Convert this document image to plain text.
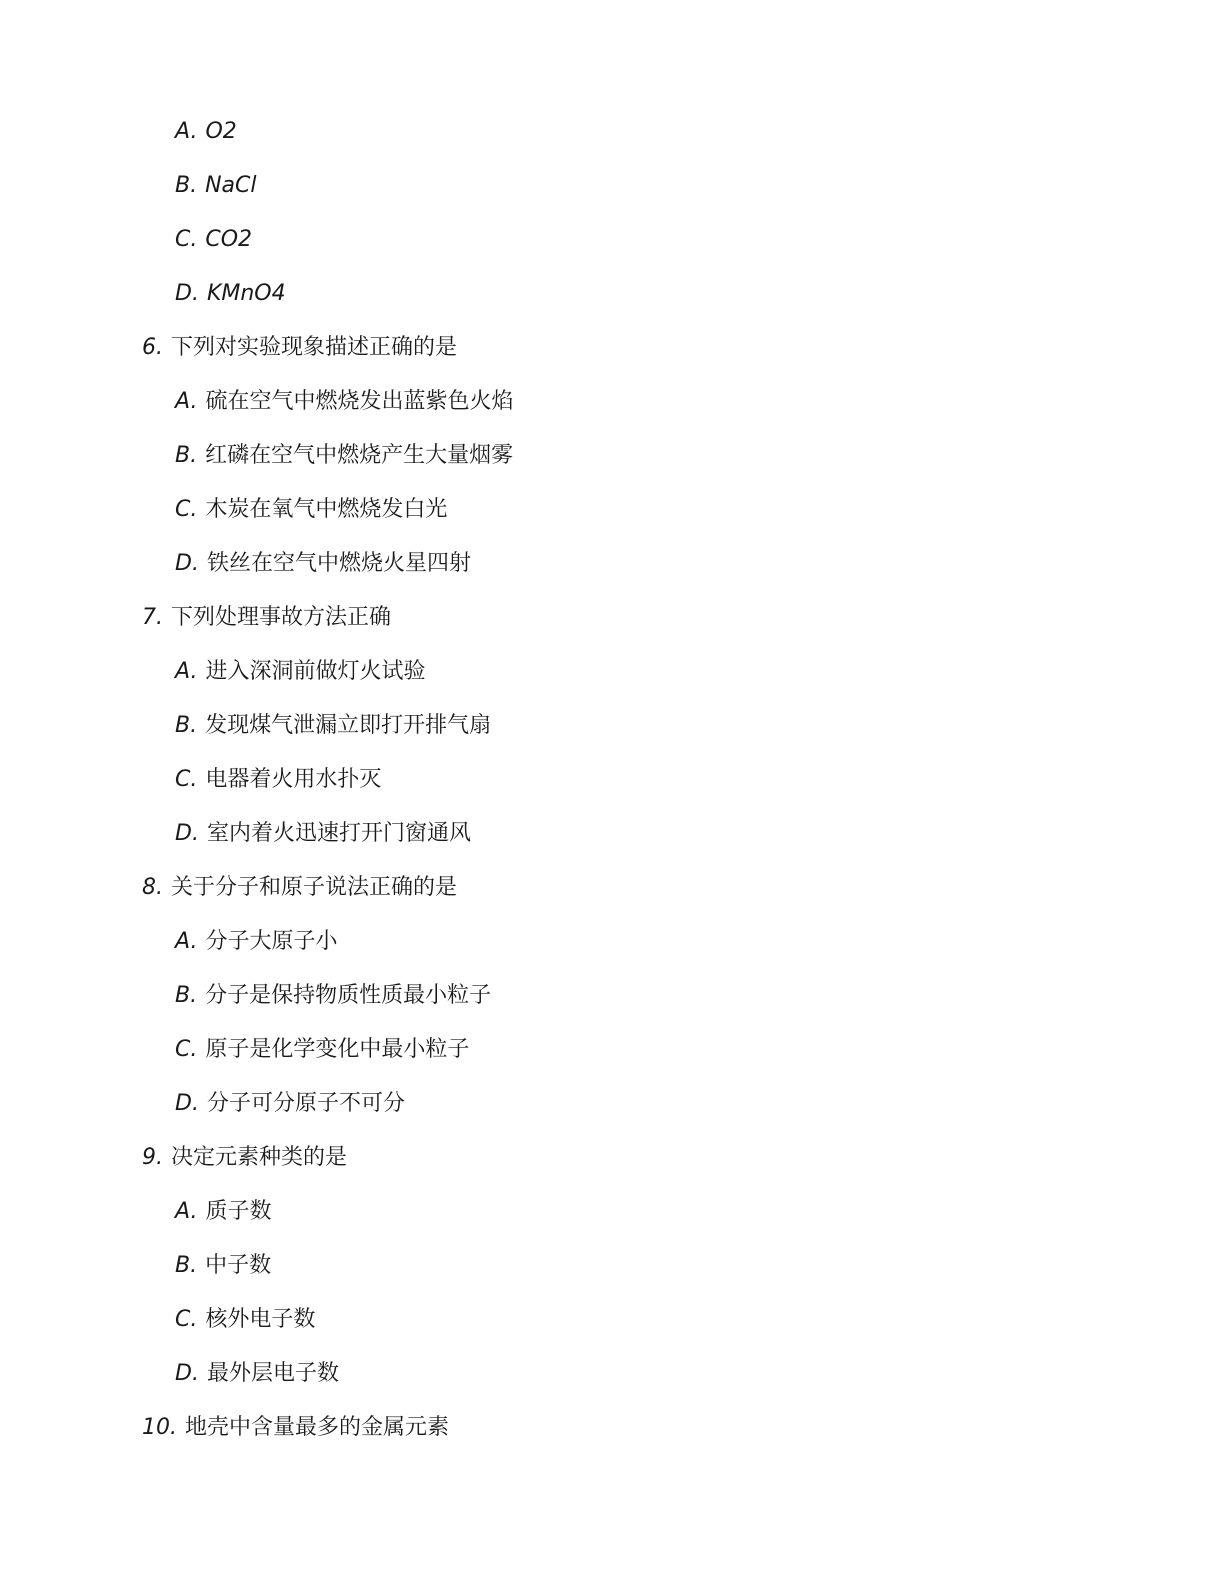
A. O2
B. NaCl
C. CO2
D. KMnO4
6. 下列对实验现象描述正确的是
A. 硫在空气中燃烧发出蓝紫色火焰
B. 红磷在空气中燃烧产生大量烟雾
C. 木炭在氧气中燃烧发白光
D. 铁丝在空气中燃烧火星四射
7. 下列处理事故方法正确
A. 进入深洞前做灯火试验
B. 发现煤气泄漏立即打开排气扇
C. 电器着火用水扑灭
D. 室内着火迅速打开门窗通风
8. 关于分子和原子说法正确的是
A. 分子大原子小
B. 分子是保持物质性质最小粒子
C. 原子是化学变化中最小粒子
D. 分子可分原子不可分
9. 决定元素种类的是
A. 质子数
B. 中子数
C. 核外电子数
D. 最外层电子数
10. 地壳中含量最多的金属元素
